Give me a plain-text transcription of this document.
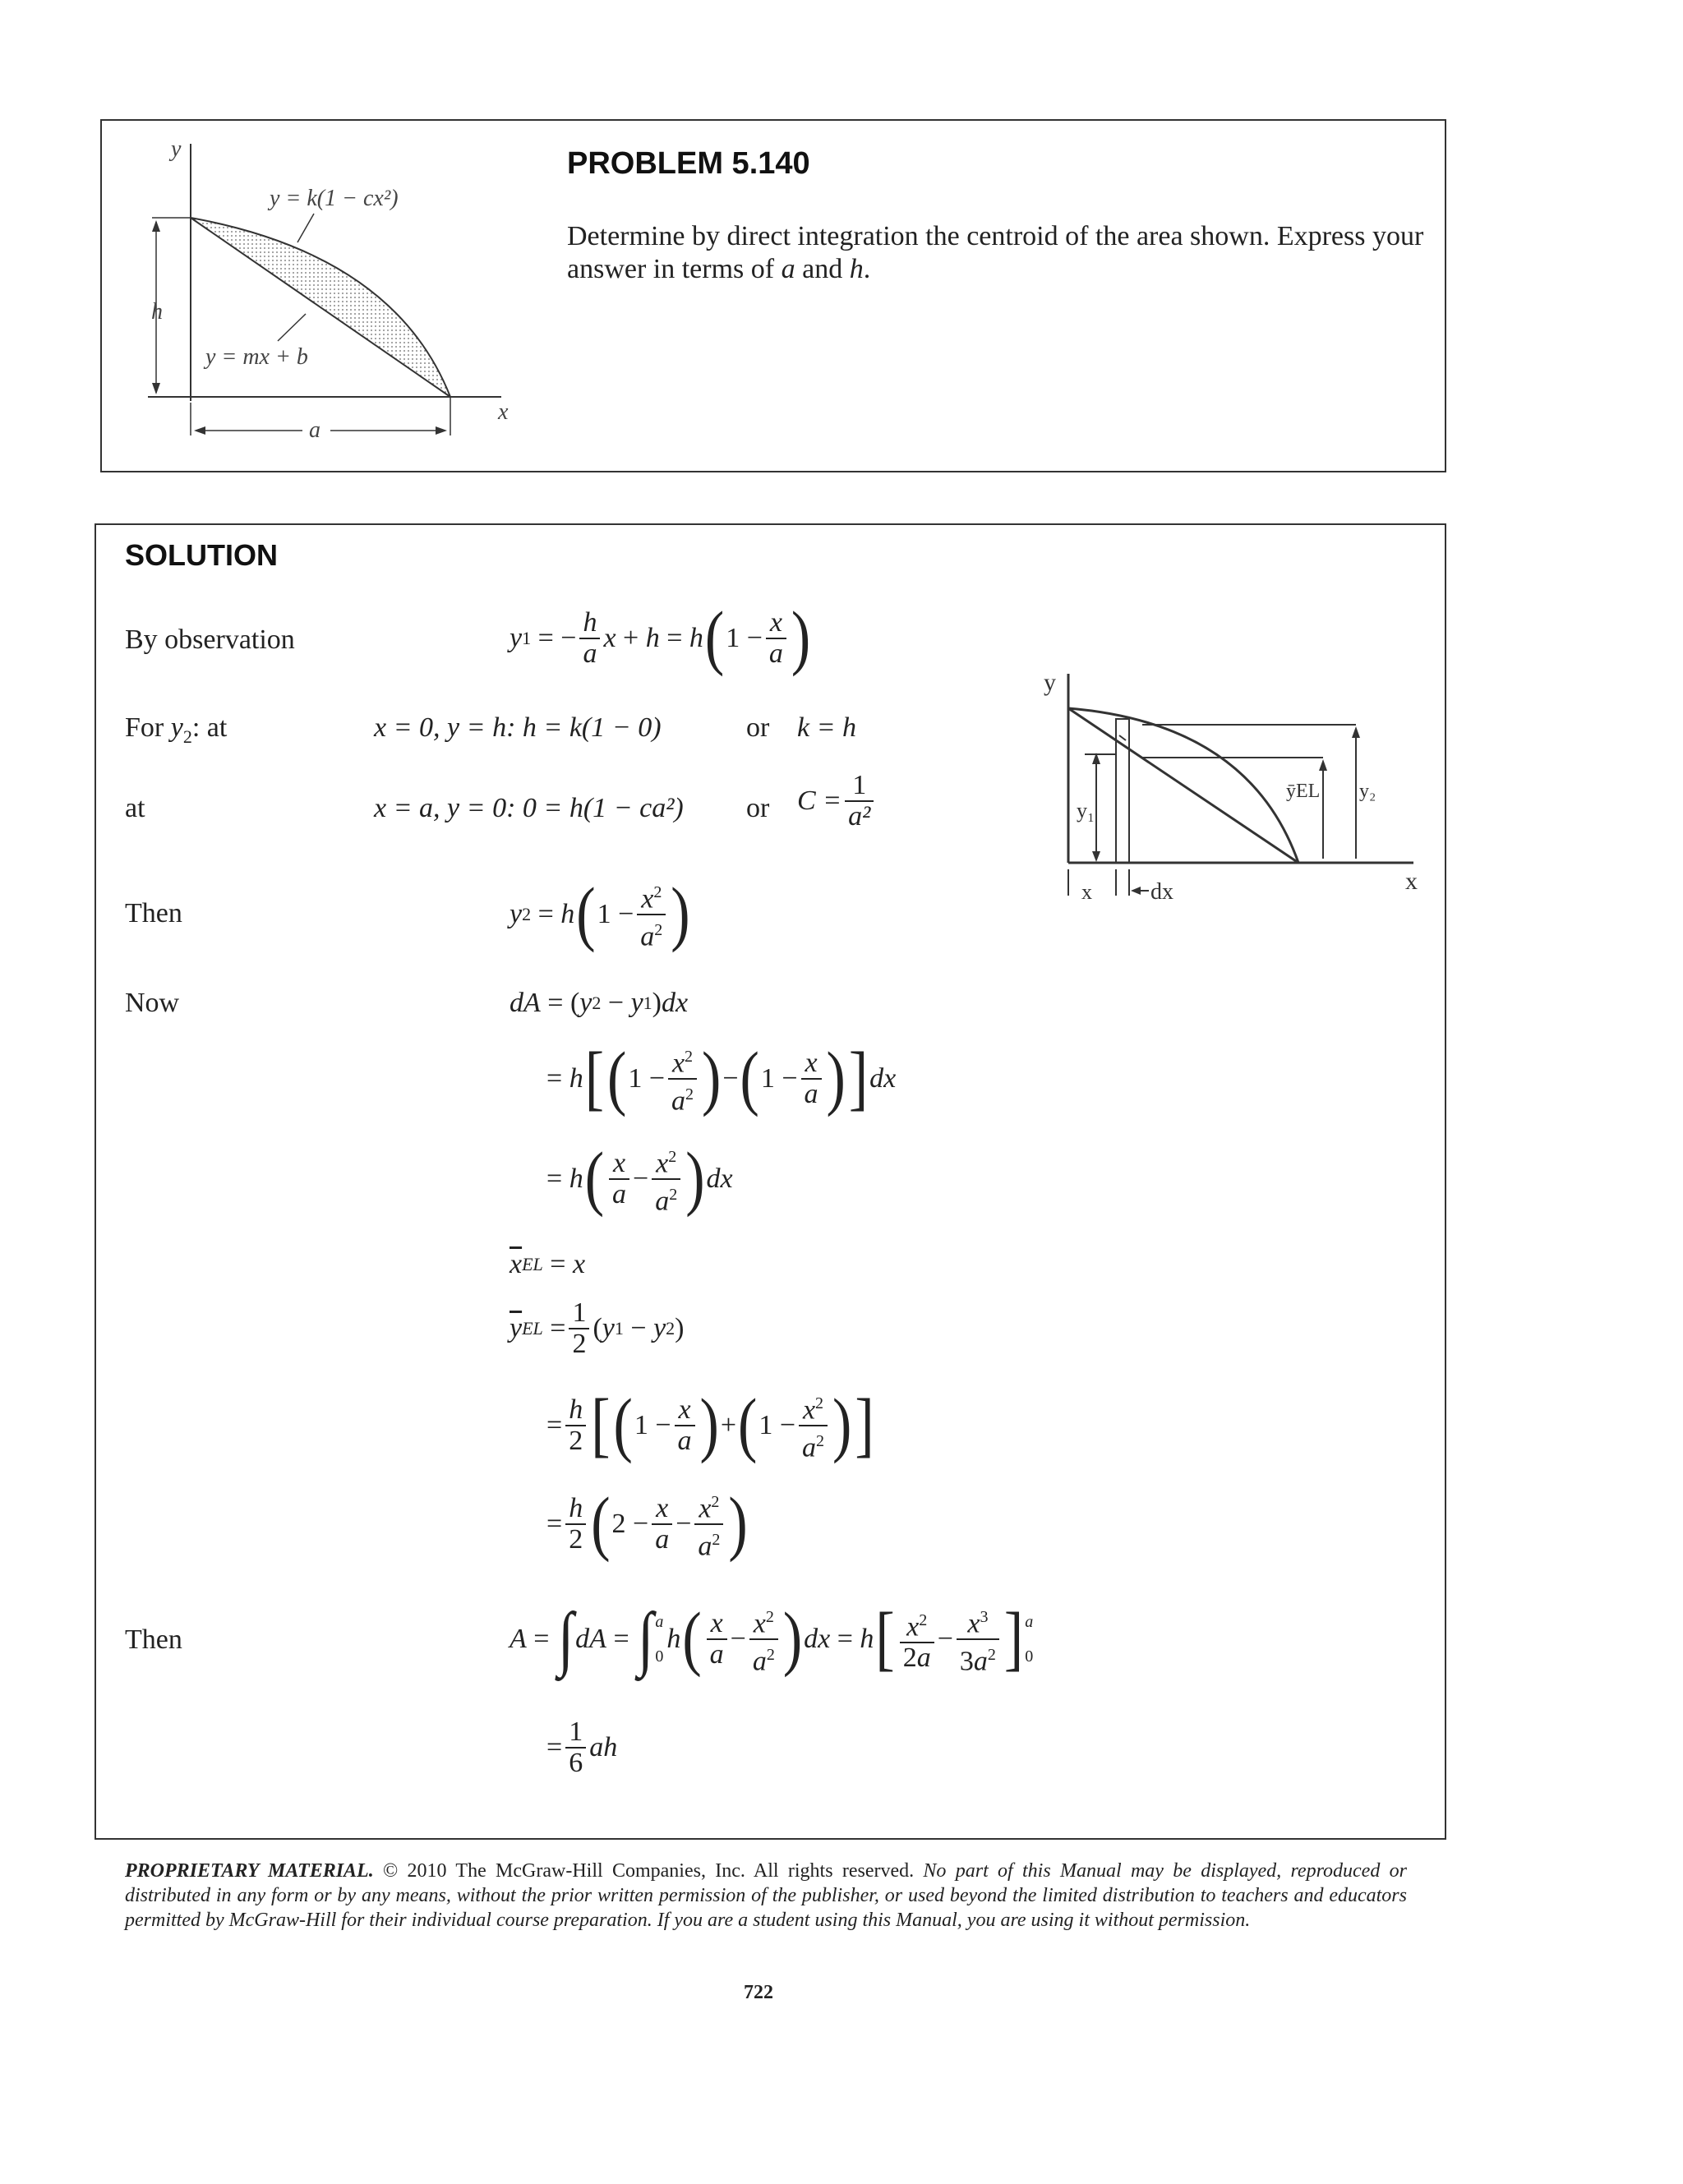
y
x
h
a
y = k(1 − cx²)
y = mx + b
PROBLEM 5.140
Determine by direct integration the centroid of the area shown. Express your answer in terms of a and h.
SOLUTION
By observation
For $y_2$: at
at
Then
Now
Then
y 1 = − $\frac{h}{a}$ x + h = h ( $1 - \frac{x}{a}$ )
x = 0, y = h: h = k(1 − 0)	or k = h
x = a, y = 0: 0 = h(1 − ca²) or $C = \frac{1}{\text{a²}}$
y 2 = h ( $1 - \frac{x^2}{a^2}$ )
dA = ( y 2 − y 1 ) dx
= h [ ( $1 - \frac{x^2}{a^2}$ ) − ( $1 - \frac{x}{a}$ ) ] dx
= h ( $\frac{x}{a} - \frac{x^2}{a^2}$ ) dx
$\overline{x}$ EL = x
$\overline{y}$ EL = $\frac{1}{2}$ ( y 1 − y 2 )
= $\frac{h}{2}$ [ ( $1 - \frac{x}{a}$ ) + ( $1 - \frac{x^2}{a^2}$ ) ]
= $\frac{h}{2}$ ( $2 - \frac{x}{a} - \frac{x^2}{a^2}$ )
A = ∫ dA = ∫ a
0
h ( $\frac{x}{a} - \frac{x^2}{a^2}$ ) dx = h [ $\frac{x^2}{2a} - \frac{x^3}{3a^2}$ ] a
0
= $\frac{1}{6}$ ah
y
x
y₁
ȳEL y₂
x	dx
PROPRIETARY MATERIAL. © 2010 The McGraw-Hill Companies, Inc. All rights reserved. No part of this Manual may be displayed, reproduced or distributed in any form or by any means, without the prior written permission of the publisher, or used beyond the limited distribution to teachers and educators permitted by McGraw-Hill for their individual course preparation. If you are a student using this Manual, you are using it without permission.
722
